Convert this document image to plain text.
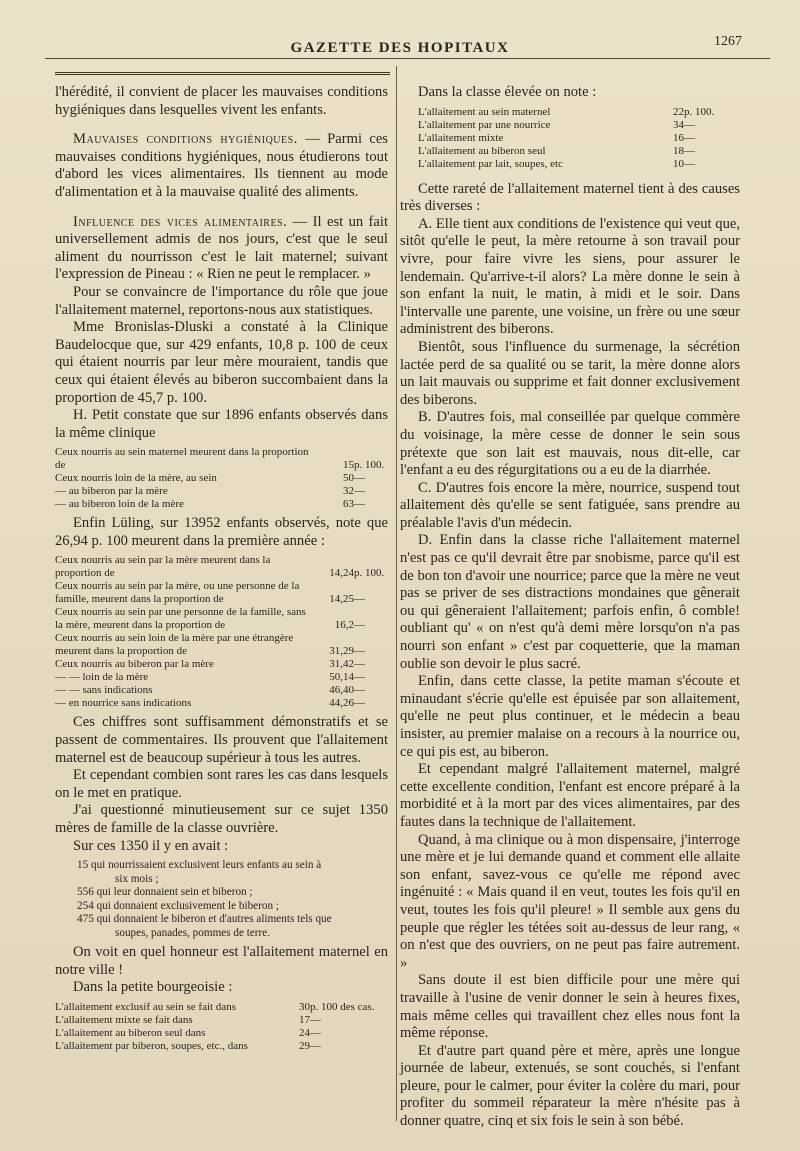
GAZETTE DES HOPITAUX	1267

l'hérédité, il convient de placer les mauvaises conditions hygiéniques dans lesquelles vivent les enfants.

Mauvaises conditions hygiéniques. — Parmi ces mauvaises conditions hygiéniques, nous étudierons tout d'abord les vices alimentaires. Ils tiennent au mode d'alimentation et à la mauvaise qualité des aliments.

Influence des vices alimentaires. — Il est un fait universellement admis de nos jours, c'est que le seul aliment du nourrisson c'est le lait maternel; suivant l'expression de Pineau : « Rien ne peut le remplacer. »

Pour se convaincre de l'importance du rôle que joue l'allaitement maternel, reportons-nous aux statistiques.

Mme Bronislas-Dluski a constaté à la Clinique Baudelocque que, sur 429 enfants, 10,8 p. 100 de ceux qui étaient nourris par leur mère mouraient, tandis que ceux qui étaient élevés au biberon succombaient dans la proportion de 45,7 p. 100.

H. Petit constate que sur 1896 enfants observés dans la même clinique

Ceux nourris au sein maternel meurent dans la proportion de	15	p. 100.
Ceux nourris loin de la mère, au sein	50	—
— au biberon par la mère	32	—
— au biberon loin de la mère	63	—

Enfin Lüling, sur 13952 enfants observés, note que 26,94 p. 100 meurent dans la première année :

Ceux nourris au sein par la mère meurent dans la proportion de	14,24	p. 100.
Ceux nourris au sein par la mère, ou une personne de la famille, meurent dans la proportion de	14,25	—
Ceux nourris au sein par une personne de la famille, sans la mère, meurent dans la proportion de	16,2	—
Ceux nourris au sein loin de la mère par une étrangère meurent dans la proportion de	31,29	—
Ceux nourris au biberon par la mère	31,42	—
— — loin de la mère	50,14	—
— — sans indications	46,40	—
— en nourrice sans indications	44,26	—

Ces chiffres sont suffisamment démonstratifs et se passent de commentaires. Ils prouvent que l'allaitement maternel est de beaucoup supérieur à tous les autres.

Et cependant combien sont rares les cas dans lesquels on le met en pratique.

J'ai questionné minutieusement sur ce sujet 1350 mères de famille de la classe ouvrière.

Sur ces 1350 il y en avait :

15 qui nourrissaient exclusivent leurs enfants au sein à
six mois ;
556 qui leur donnaient sein et biberon ;
254 qui donnaient exclusivement le biberon ;
475 qui donnaient le biberon et d'autres aliments tels que
soupes, panades, pommes de terre.

On voit en quel honneur est l'allaitement maternel en notre ville !

Dans la petite bourgeoisie :

L'allaitement exclusif au sein se fait dans	30	p. 100 des cas.
L'allaitement mixte se fait dans	17	—
L'allaitement au biberon seul dans	24	—
L'allaitement par biberon, soupes, etc., dans	29	—

Dans la classe élevée on note :

L'allaitement au sein maternel	22	p. 100.
L'allaitement par une nourrice	34	—
L'allaitement mixte	16	—
L'allaitement au biberon seul	18	—
L'allaitement par lait, soupes, etc	10	—

Cette rareté de l'allaitement maternel tient à des causes très diverses :

A. Elle tient aux conditions de l'existence qui veut que, sitôt qu'elle le peut, la mère retourne à son travail pour vivre, pour faire vivre les siens, pour assurer le lendemain. Qu'arrive-t-il alors? La mère donne le sein à son enfant la nuit, le matin, à midi et le soir. Dans l'intervalle une parente, une voisine, un frère ou une sœur administrent des biberons.

Bientôt, sous l'influence du surmenage, la sécrétion lactée perd de sa qualité ou se tarit, la mère donne alors un lait mauvais ou supprime et fait donner exclusivement des biberons.

B. D'autres fois, mal conseillée par quelque commère du voisinage, la mère cesse de donner le sein sous prétexte que son lait est mauvais, nous dit-elle, car l'enfant a eu des régurgitations ou a eu de la diarrhée.

C. D'autres fois encore la mère, nourrice, suspend tout allaitement dès qu'elle se sent fatiguée, sans prendre au préalable l'avis d'un médecin.

D. Enfin dans la classe riche l'allaitement maternel n'est pas ce qu'il devrait être par snobisme, parce qu'il est de bon ton d'avoir une nourrice; parce que la mère ne veut pas se priver de ses distractions mondaines que gênerait ou qui gêneraient l'allaitement; parfois enfin, ô comble! oubliant qu' « on n'est qu'à demi mère lorsqu'on n'a pas nourri son enfant » c'est par coquetterie, que la maman oublie son devoir le plus sacré.

Enfin, dans cette classe, la petite maman s'écoute et minaudant s'écrie qu'elle est épuisée par son allaitement, qu'elle ne peut plus continuer, et le médecin a beau insister, au premier malaise on a recours à la nourrice ou, ce qui pis est, au biberon.

Et cependant malgré l'allaitement maternel, malgré cette excellente condition, l'enfant est encore préparé à la morbidité et à la mort par des vices alimentaires, par des fautes dans la technique de l'allaitement.

Quand, à ma clinique ou à mon dispensaire, j'interroge une mère et je lui demande quand et comment elle allaite son enfant, savez-vous ce qu'elle me répond avec ingénuité : « Mais quand il en veut, toutes les fois qu'il en veut, toutes les fois qu'il pleure! » Il semble aux gens du peuple que régler les tétées soit au-dessus de leur rang, « on n'est que des ouvriers, on ne peut pas faire autrement. »

Sans doute il est bien difficile pour une mère qui travaille à l'usine de venir donner le sein à heures fixes, mais même celles qui travaillent chez elles nous font la même réponse.

Et d'autre part quand père et mère, après une longue journée de labeur, extenués, se sont couchés, si l'enfant pleure, pour le calmer, pour éviter la colère du mari, pour profiter du sommeil réparateur la mère n'hésite pas à donner quatre, cinq et six fois le sein à son bébé.
